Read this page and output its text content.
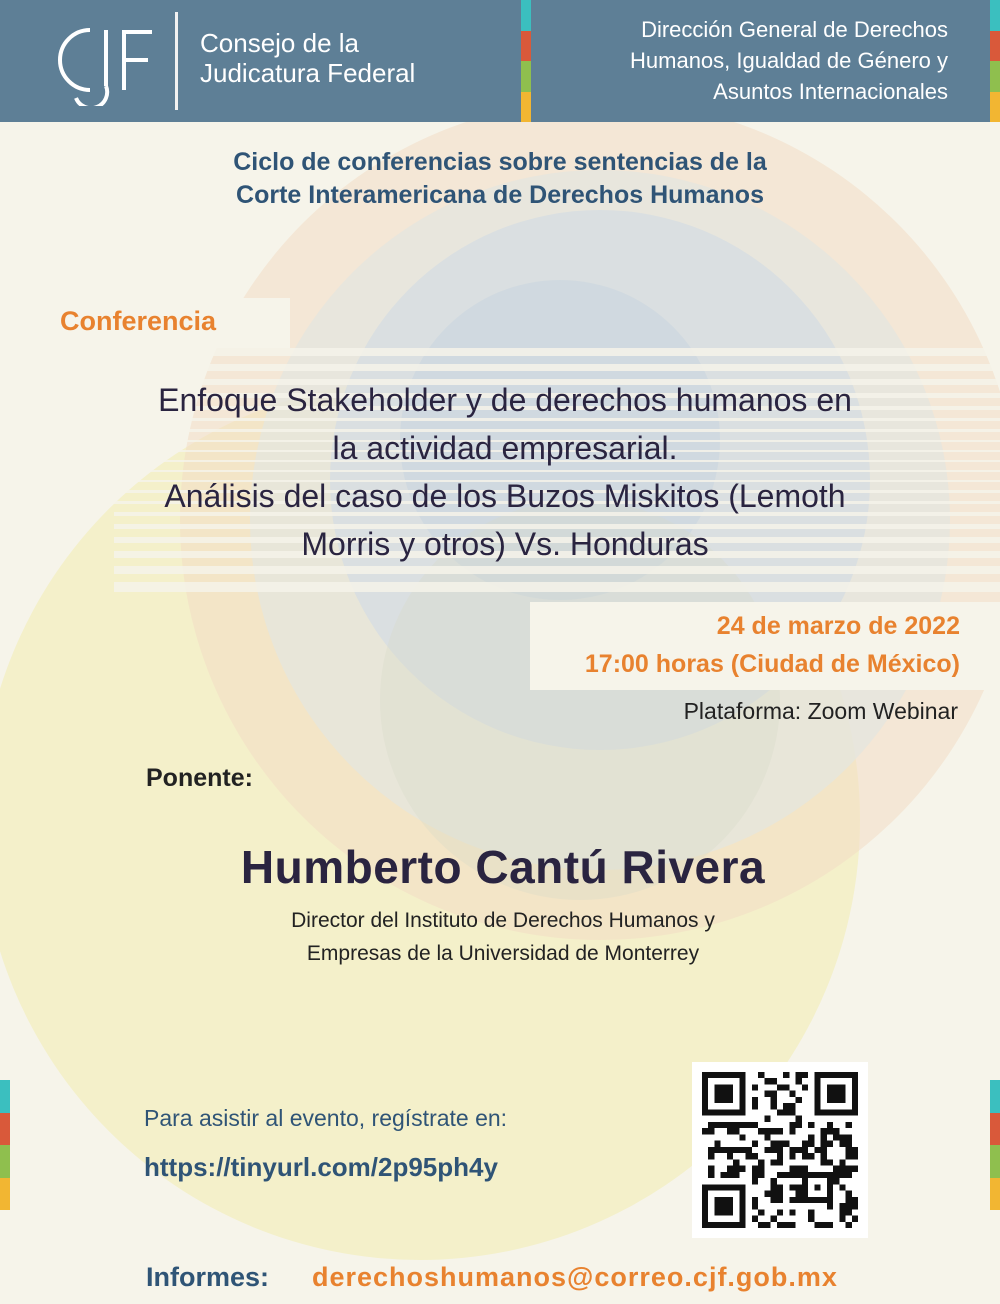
Consejo de la
Judicatura Federal
Dirección General de Derechos
Humanos, Igualdad de Género y
Asuntos Internacionales
Ciclo de conferencias sobre sentencias de la
Corte Interamericana de Derechos Humanos
Conferencia
Enfoque Stakeholder y de derechos humanos en
la actividad empresarial.
Análisis del caso de los Buzos Miskitos (Lemoth
Morris y otros) Vs. Honduras
24 de marzo de 2022
17:00 horas (Ciudad de México)
Plataforma: Zoom Webinar
Ponente:
Humberto Cantú Rivera
Director del Instituto de Derechos Humanos y
Empresas de la Universidad de Monterrey
Para asistir al evento, regístrate en:
https://tinyurl.com/2p95ph4y
Informes: derechoshumanos@correo.cjf.gob.mx
